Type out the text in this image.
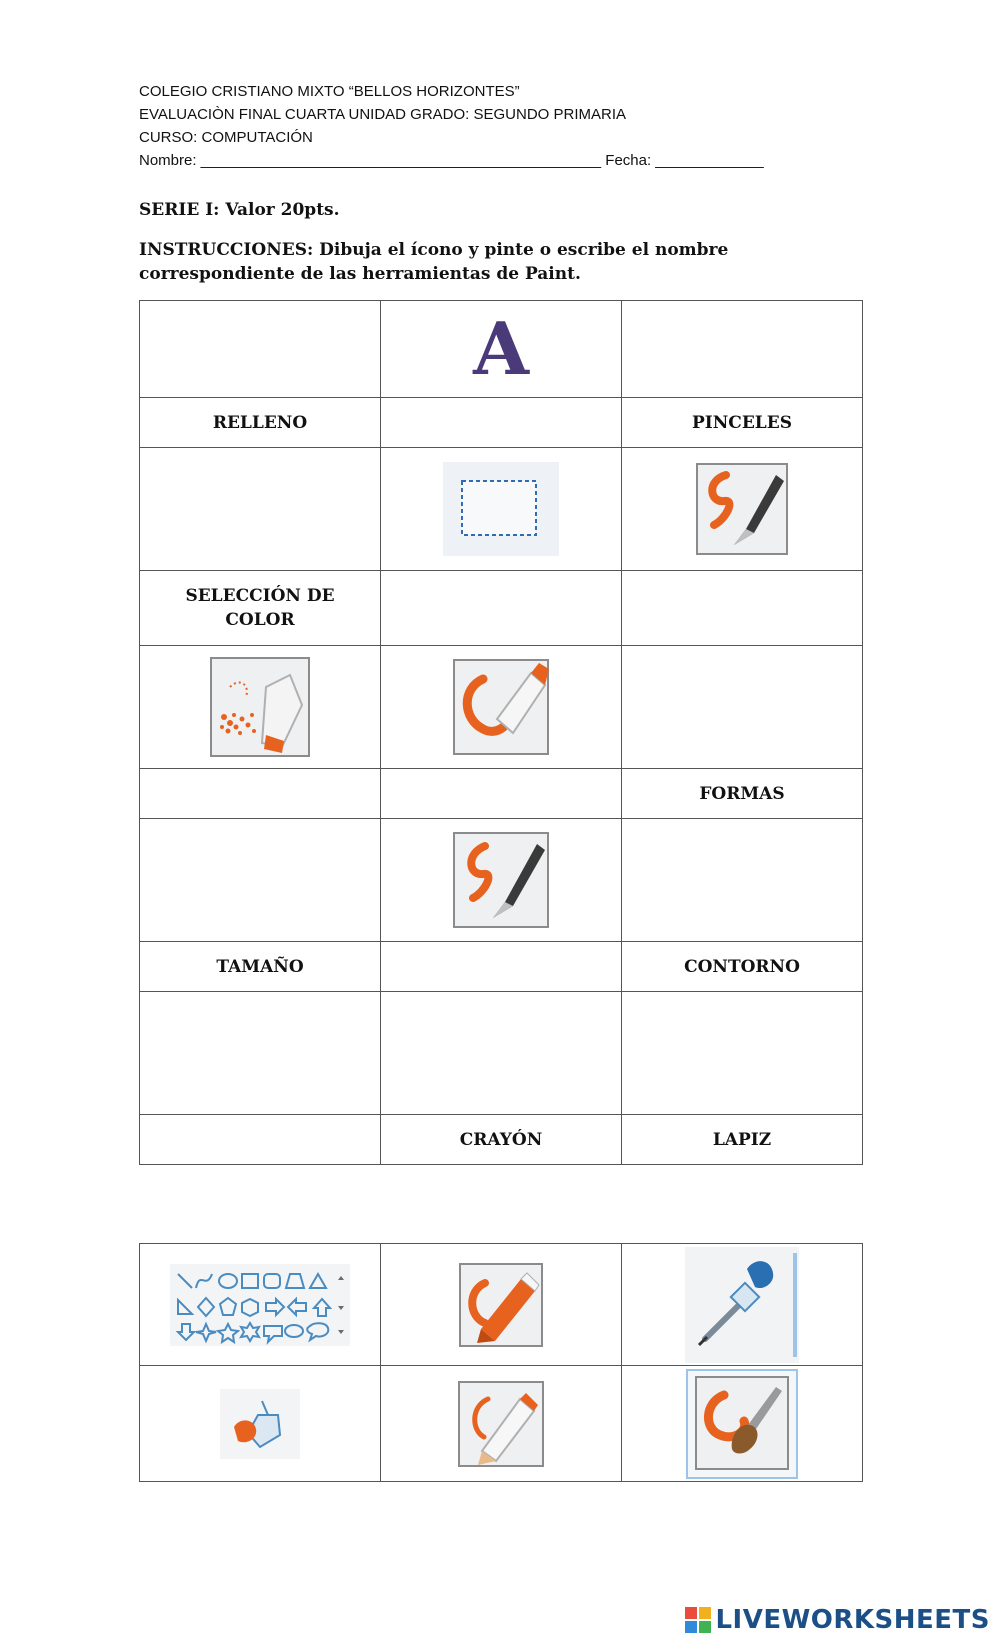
COLEGIO CRISTIANO MIXTO “BELLOS HORIZONTES”
EVALUACIÒN FINAL CUARTA UNIDAD GRADO: SEGUNDO PRIMARIA
CURSO: COMPUTACIÓN
Nombre: ________________________________________________ Fecha: _____________
SERIE I: Valor 20pts.
INSTRUCCIONES: Dibuja el ícono y pinte o escribe el nombre correspondiente de las herramientas de Paint.
	A	
RELLENO		PINCELES

SELECCIÓN DE COLOR		

		FORMAS

TAMAÑO		CONTORNO

	CRAYÓN	LAPIZ

LIVEWORKSHEETS
